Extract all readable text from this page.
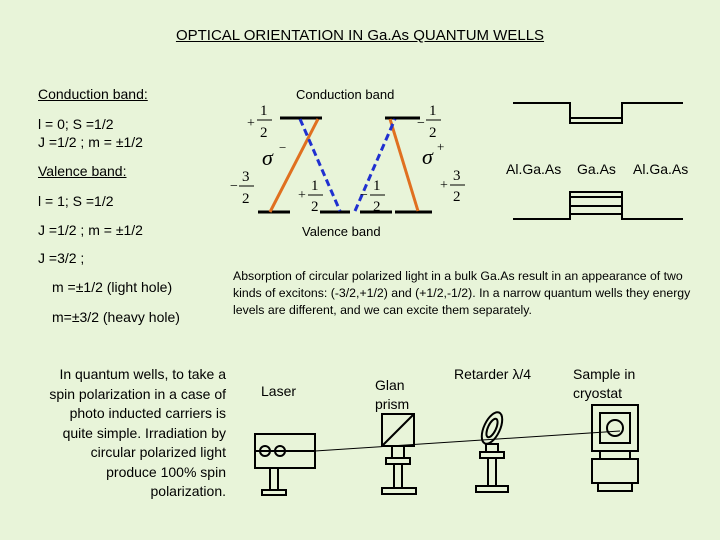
OPTICAL ORIENTATION IN Ga.As QUANTUM WELLS
Conduction band:
l = 0; S =1/2
J =1/2 ; m = ±1/2
Valence band:
l = 1; S =1/2
J =1/2 ; m = ±1/2
J =3/2 ;
m =±1/2 (light hole)
m=±3/2 (heavy hole)
In quantum wells, to take a spin polarization in a case of photo inducted carriers is quite simple. Irradiation by circular polarized light produce 100% spin polarization.
Conduction band
Valence band
+
1
2
−
1
2
σ −	σ +
−
3
2	+
1
2
−
1
2
+
3
2
Al.Ga.As Ga.As Al.Ga.As
Absorption of circular polarized light in a bulk Ga.As result in an appearance of two kinds of excitons: (-3/2,+1/2) and (+1/2,-1/2). In a narrow quantum wells they energy levels are different, and we can excite them separately.
Laser	Glan
prism
Retarder λ/4	Sample in
cryostat
